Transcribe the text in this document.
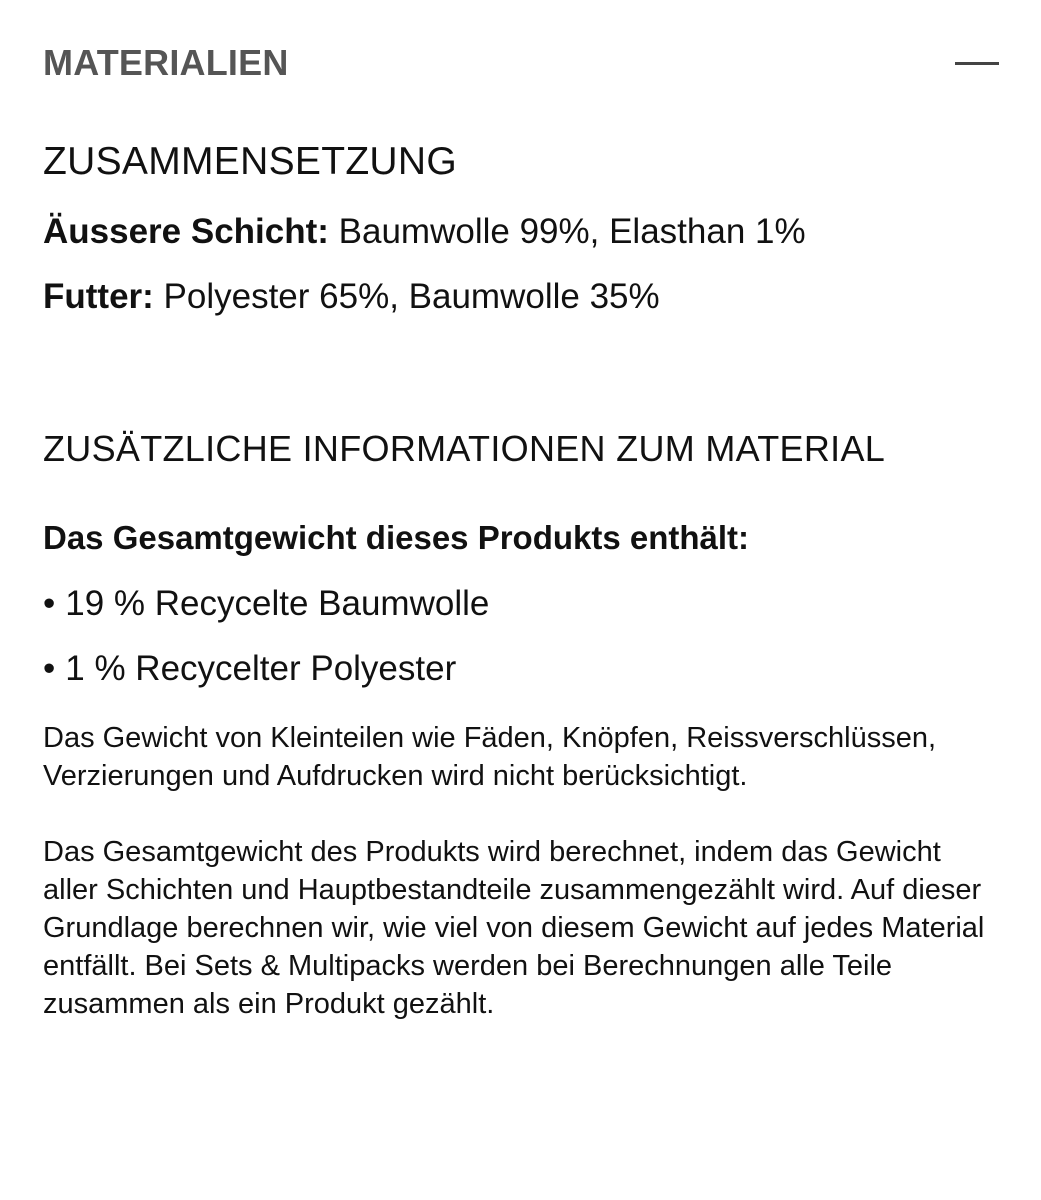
MATERIALIEN
ZUSAMMENSETZUNG

Äussere Schicht: Baumwolle 99%, Elasthan 1%

Futter: Polyester 65%, Baumwolle 35%

ZUSÄTZLICHE INFORMATIONEN ZUM MATERIAL

Das Gesamtgewicht dieses Produkts enthält:

• 19 % Recycelte Baumwolle
• 1 % Recycelter Polyester

Das Gewicht von Kleinteilen wie Fäden, Knöpfen, Reissverschlüssen, Verzierungen und Aufdrucken wird nicht berücksichtigt.

Das Gesamtgewicht des Produkts wird berechnet, indem das Gewicht aller Schichten und Hauptbestandteile zusammengezählt wird. Auf dieser Grundlage berechnen wir, wie viel von diesem Gewicht auf jedes Material entfällt. Bei Sets & Multipacks werden bei Berechnungen alle Teile zusammen als ein Produkt gezählt.
